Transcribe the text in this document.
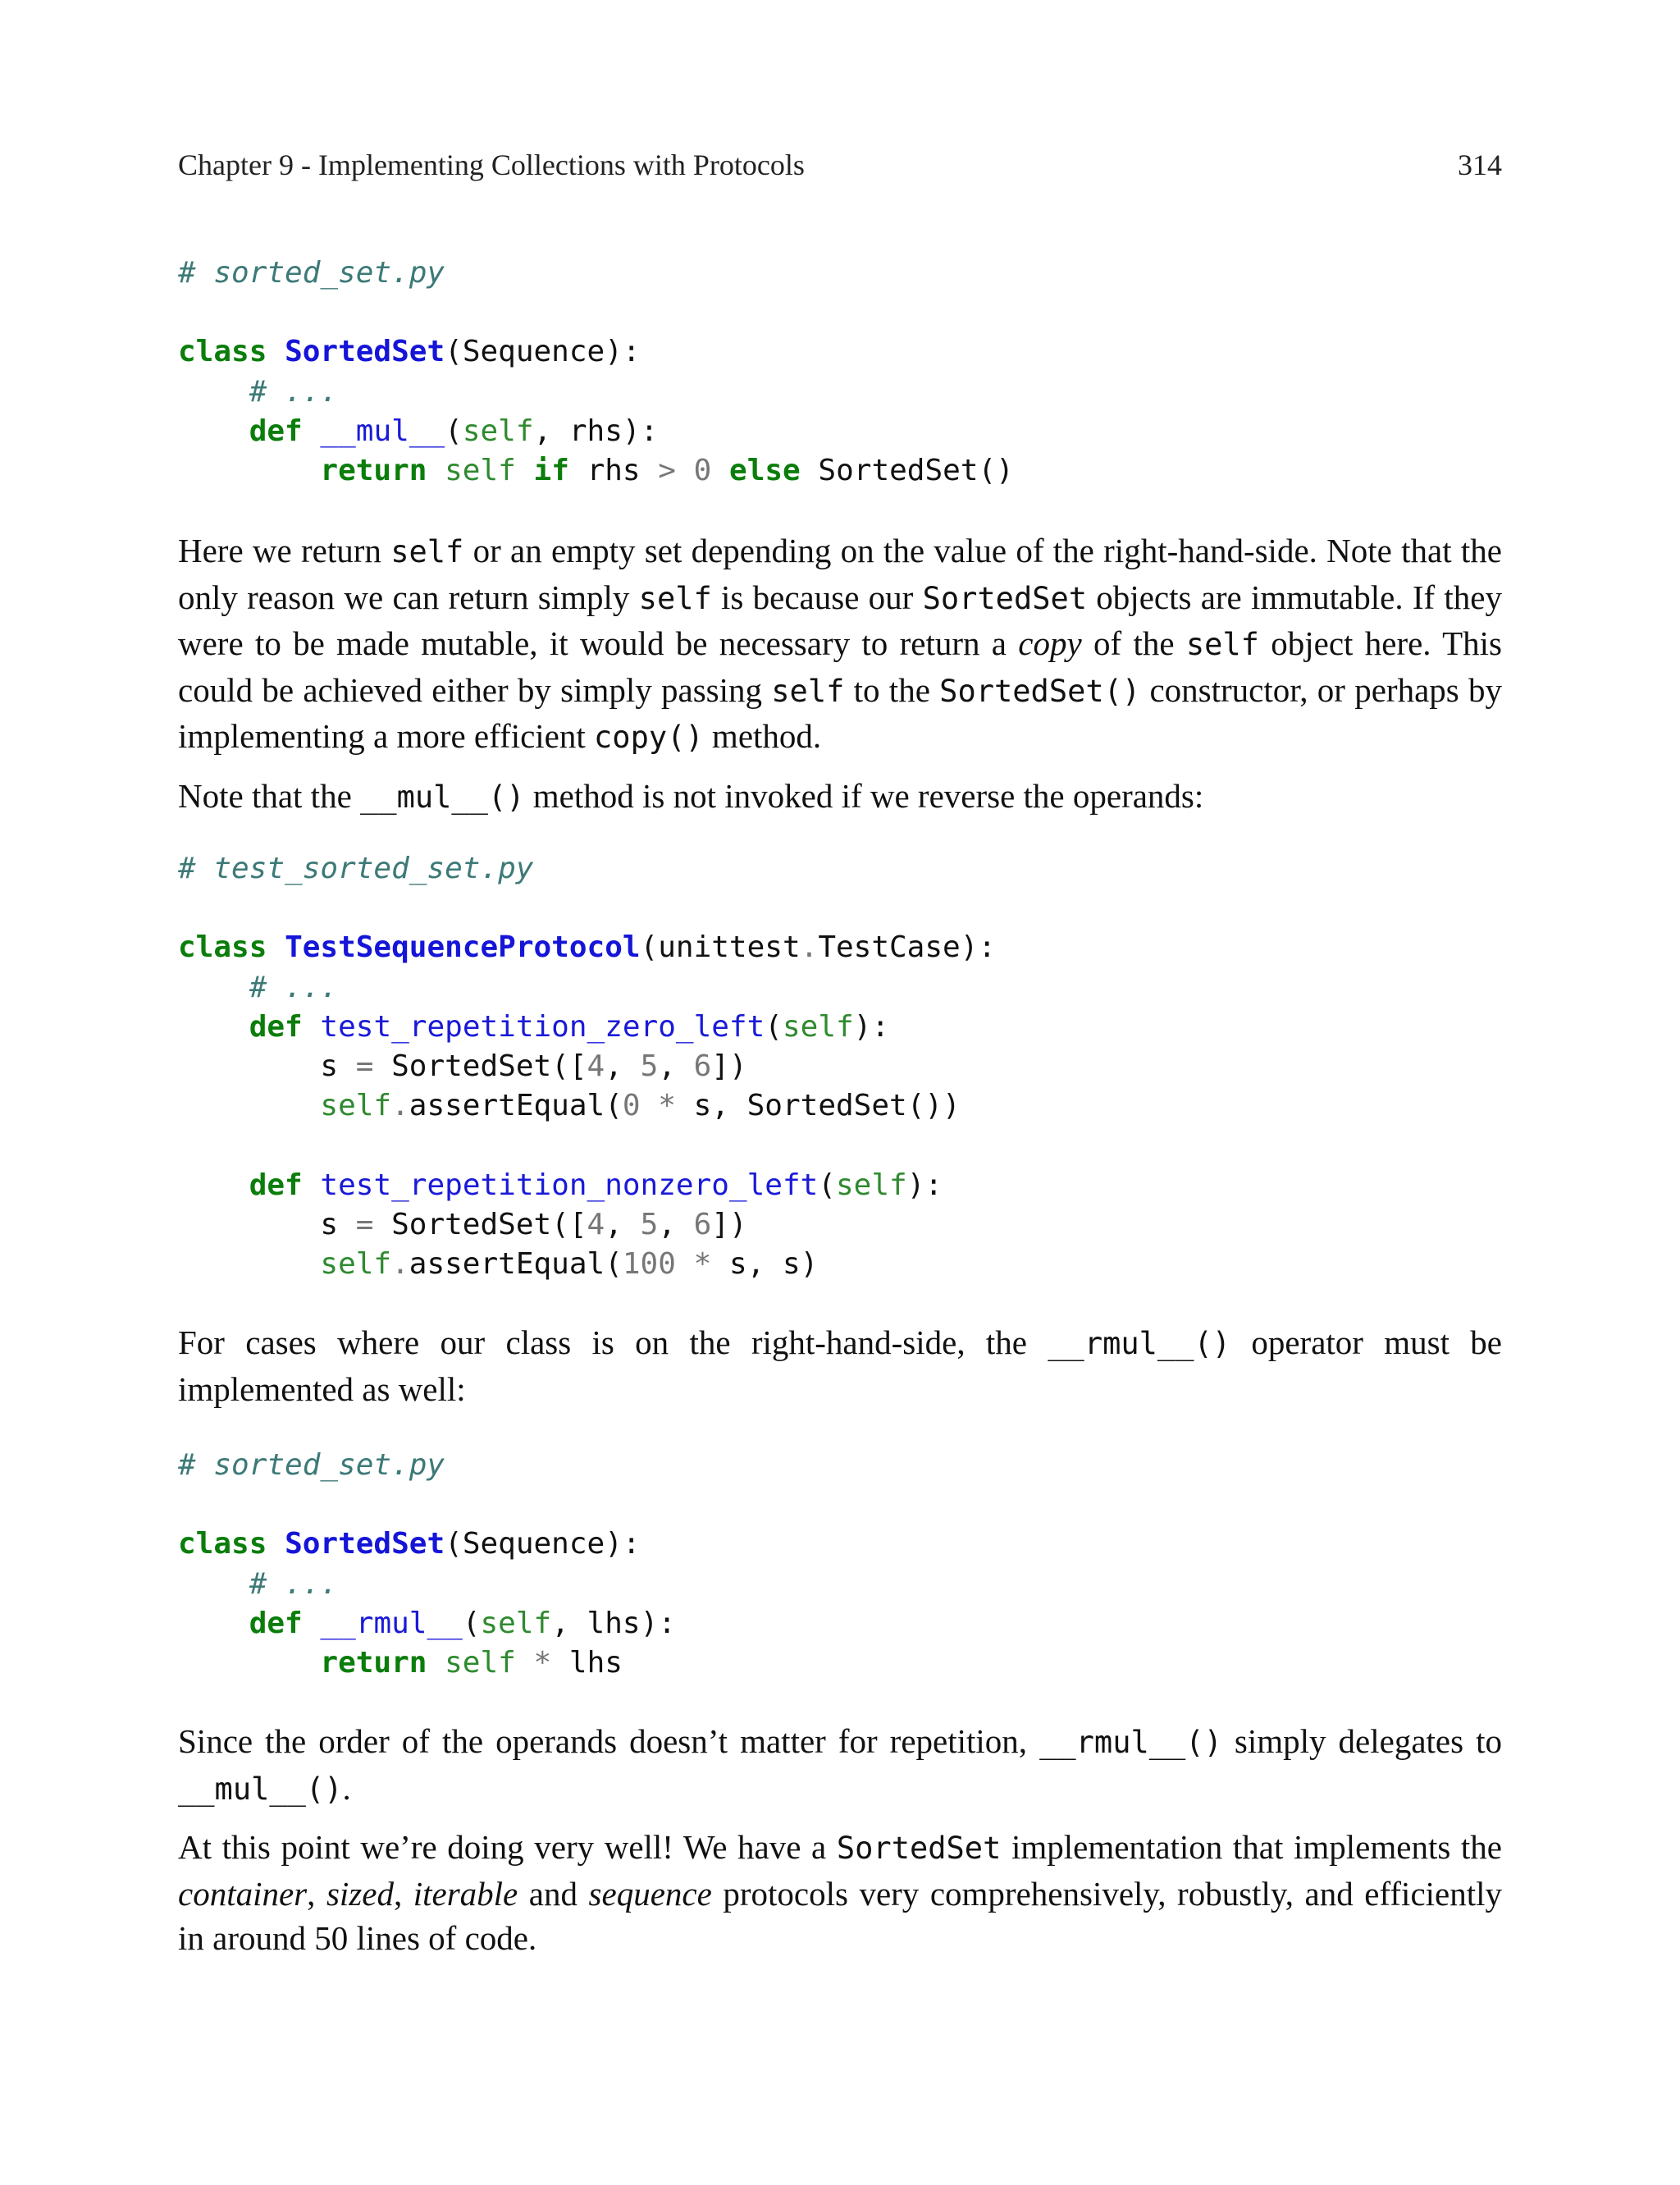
Chapter 9 - Implementing Collections with Protocols	314
# sorted_set.py

class SortedSet(Sequence):
# ...
def __mul__(self, rhs):
return self if rhs > 0 else SortedSet()

Here we return self or an empty set depending on the value of the right-hand-side. Note that the only reason we can return simply self is because our SortedSet objects are immutable. If they were to be made mutable, it would be necessary to return a copy of the self object here. This could be achieved either by simply passing self to the SortedSet() constructor, or perhaps by implementing a more efficient copy() method.

Note that the __mul__() method is not invoked if we reverse the operands:

# test_sorted_set.py

class TestSequenceProtocol(unittest.TestCase):
# ...
def test_repetition_zero_left(self):
s = SortedSet([4, 5, 6])
self.assertEqual(0 * s, SortedSet())

def test_repetition_nonzero_left(self):
s = SortedSet([4, 5, 6])
self.assertEqual(100 * s, s)

For cases where our class is on the right-hand-side, the __rmul__() operator must be implemented as well:

# sorted_set.py

class SortedSet(Sequence):
# ...
def __rmul__(self, lhs):
return self * lhs

Since the order of the operands doesn’t matter for repetition, __rmul__() simply delegates to __mul__().

At this point we’re doing very well! We have a SortedSet implementation that implements the container, sized, iterable and sequence protocols very comprehensively, robustly, and efficiently in around 50 lines of code.
